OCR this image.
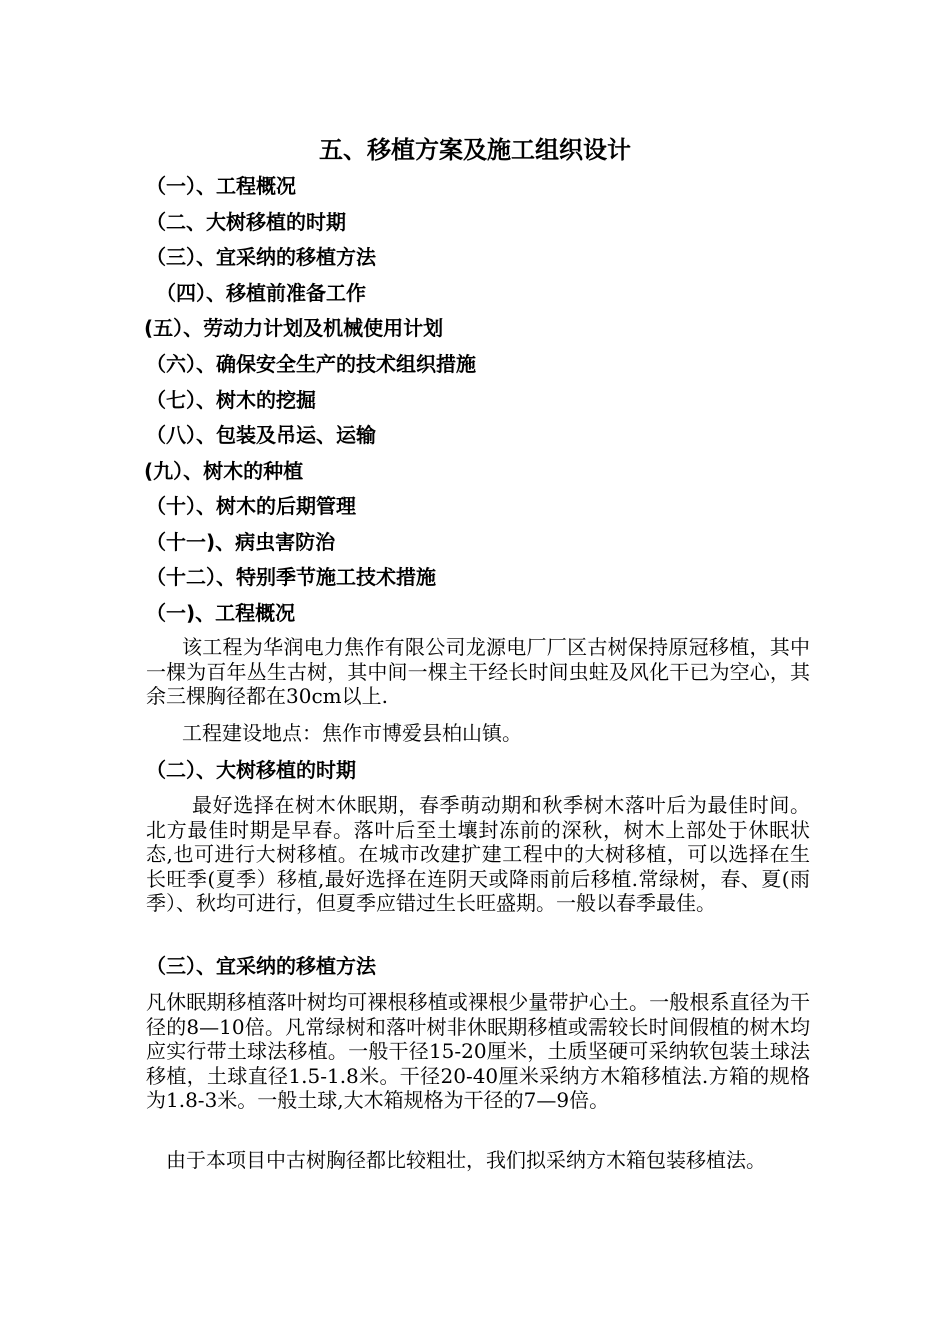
五、移植方案及施工组织设计
（一）、工程概况
（二、大树移植的时期
（三）、宜采纳的移植方法
（四）、移植前准备工作
(五）、劳动力计划及机械使用计划
（六）、确保安全生产的技术组织措施
（七）、树木的挖掘
（八）、包装及吊运、运输
(九）、树木的种植
（十）、树木的后期管理
（十一)、病虫害防治
（十二）、特别季节施工技术措施
（一)、工程概况
该工程为华润电力焦作有限公司龙源电厂厂区古树保持原冠移植，其中一棵为百年丛生古树，其中间一棵主干经长时间虫蛀及风化干已为空心，其余三棵胸径都在30cm以上.
工程建设地点：焦作市博爱县柏山镇。
（二）、大树移植的时期
最好选择在树木休眠期，春季萌动期和秋季树木落叶后为最佳时间。北方最佳时期是早春。落叶后至土壤封冻前的深秋，树木上部处于休眠状态,也可进行大树移植。在城市改建扩建工程中的大树移植，可以选择在生长旺季(夏季）移植,最好选择在连阴天或降雨前后移植.常绿树，春、夏(雨季）、秋均可进行，但夏季应错过生长旺盛期。一般以春季最佳。
（三）、宜采纳的移植方法
凡休眠期移植落叶树均可裸根移植或裸根少量带护心土。一般根系直径为干径的8—10倍。凡常绿树和落叶树非休眠期移植或需较长时间假植的树木均应实行带土球法移植。一般干径15-20厘米，土质坚硬可采纳软包装土球法移植，土球直径1.5-1.8米。干径20-40厘米采纳方木箱移植法.方箱的规格为1.8-3米。一般土球,大木箱规格为干径的7—9倍。
由于本项目中古树胸径都比较粗壮，我们拟采纳方木箱包装移植法。
